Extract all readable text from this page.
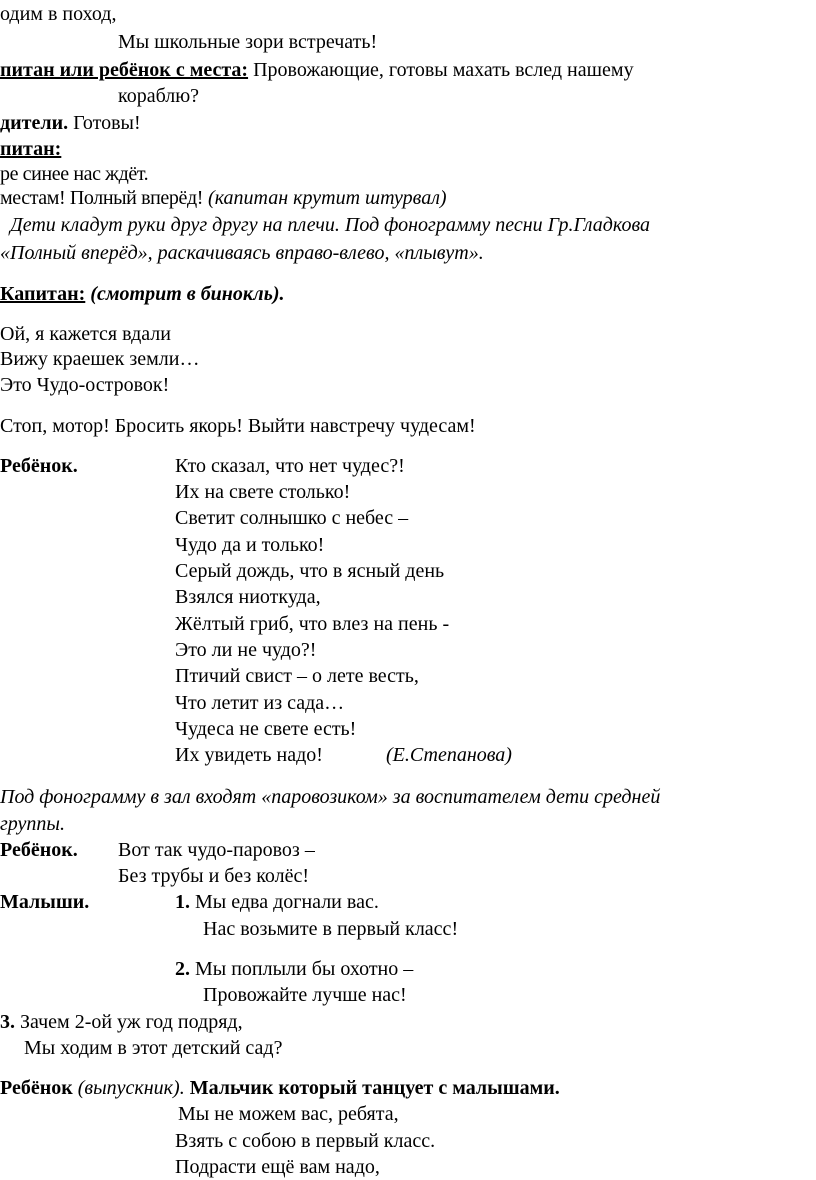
одим в поход,
Мы школьные зори встречать!
питан или ребёнок с места: Провожающие, готовы махать вслед нашему
кораблю?
дители. Готовы!
питан:
ре синее нас ждёт.
местам! Полный вперёд! (капитан крутит штурвал)
Дети кладут руки друг другу на плечи. Под фонограмму песни Гр.Гладкова
«Полный вперёд», раскачиваясь вправо-влево, «плывут».
Капитан: (смотрит в бинокль).
Ой, я кажется вдали
Вижу краешек земли…
Это Чудо-островок!
Стоп, мотор! Бросить якорь! Выйти навстречу чудесам!
Ребёнок.	Кто сказал, что нет чудес?!
Их на свете столько!
Светит солнышко с небес –
Чудо да и только!
Серый дождь, что в ясный день
Взялся ниоткуда,
Жёлтый гриб, что влез на пень -
Это ли не чудо?!
Птичий свист – о лете весть,
Что летит из сада…
Чудеса не свете есть!
Их увидеть надо!	(Е.Степанова)
Под фонограмму в зал входят «паровозиком» за воспитателем дети средней
группы.
Ребёнок. Вот так чудо-паровоз –
Без трубы и без колёс!
Малыши.	1. Мы едва догнали вас.
Нас возьмите в первый класс!
2. Мы поплыли бы охотно –
Провожайте лучше нас!
3. Зачем 2-ой уж год подряд,
Мы ходим в этот детский сад?
Ребёнок (выпускник). Мальчик который танцует с малышами.
Мы не можем вас, ребята,
Взять с собою в первый класс.
Подрасти ещё вам надо,
